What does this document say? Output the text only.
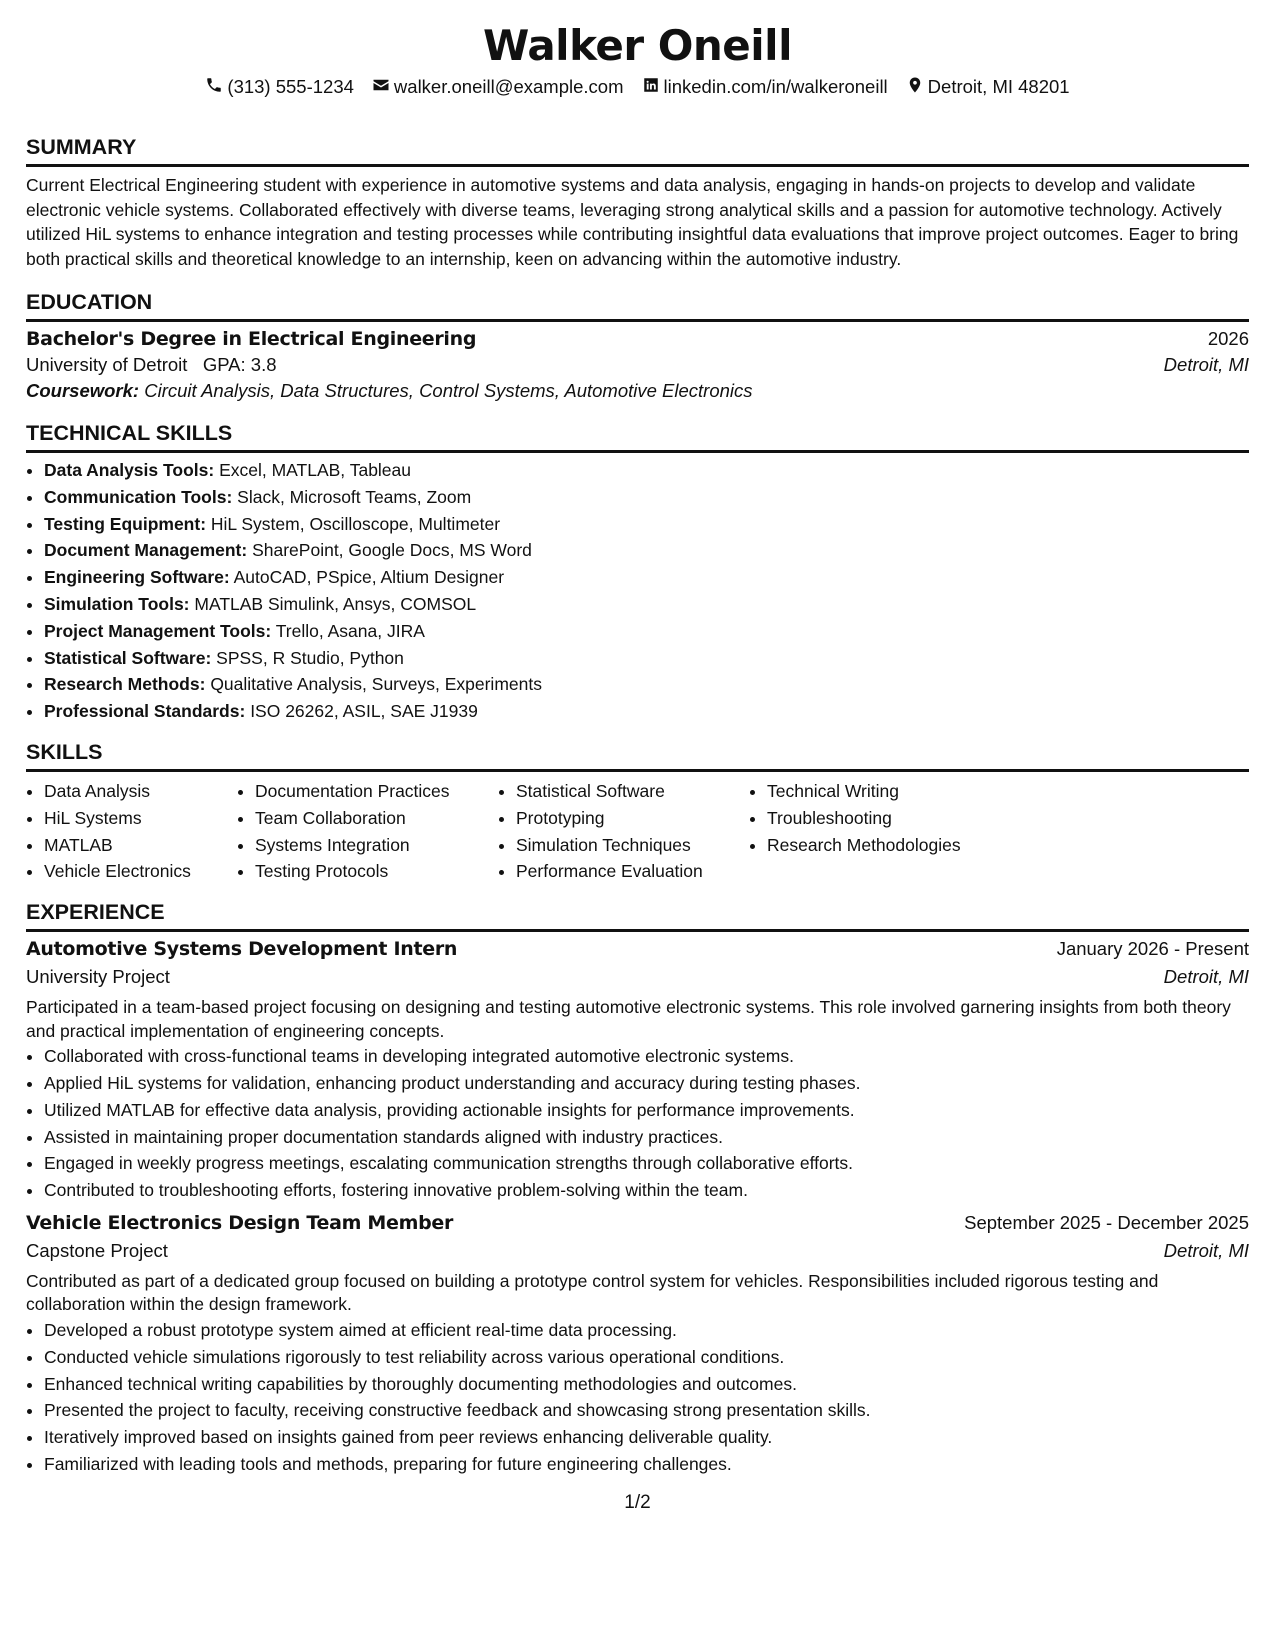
Walker Oneill
(313) 555-1234 walker.oneill@example.com linkedin.com/in/walkeroneill Detroit, MI 48201
SUMMARY
Current Electrical Engineering student with experience in automotive systems and data analysis, engaging in hands-on projects to develop and validate electronic vehicle systems. Collaborated effectively with diverse teams, leveraging strong analytical skills and a passion for automotive technology. Actively utilized HiL systems to enhance integration and testing processes while contributing insightful data evaluations that improve project outcomes. Eager to bring both practical skills and theoretical knowledge to an internship, keen on advancing within the automotive industry.
EDUCATION
Bachelor's Degree in Electrical Engineering	2026
University of Detroit GPA: 3.8	Detroit, MI
Coursework: Circuit Analysis, Data Structures, Control Systems, Automotive Electronics
TECHNICAL SKILLS
• Data Analysis Tools: Excel, MATLAB, Tableau
• Communication Tools: Slack, Microsoft Teams, Zoom
• Testing Equipment: HiL System, Oscilloscope, Multimeter
• Document Management: SharePoint, Google Docs, MS Word
• Engineering Software: AutoCAD, PSpice, Altium Designer
• Simulation Tools: MATLAB Simulink, Ansys, COMSOL
• Project Management Tools: Trello, Asana, JIRA
• Statistical Software: SPSS, R Studio, Python
• Research Methods: Qualitative Analysis, Surveys, Experiments
• Professional Standards: ISO 26262, ASIL, SAE J1939
SKILLS
• Data Analysis
• HiL Systems
• MATLAB
• Vehicle Electronics
• Documentation Practices
• Team Collaboration
• Systems Integration
• Testing Protocols
• Statistical Software
• Prototyping
• Simulation Techniques
• Performance Evaluation
• Technical Writing
• Troubleshooting
• Research Methodologies
EXPERIENCE
Automotive Systems Development Intern	January 2026 - Present
University Project	Detroit, MI
Participated in a team-based project focusing on designing and testing automotive electronic systems. This role involved garnering insights from both theory and practical implementation of engineering concepts.
• Collaborated with cross-functional teams in developing integrated automotive electronic systems.
• Applied HiL systems for validation, enhancing product understanding and accuracy during testing phases.
• Utilized MATLAB for effective data analysis, providing actionable insights for performance improvements.
• Assisted in maintaining proper documentation standards aligned with industry practices.
• Engaged in weekly progress meetings, escalating communication strengths through collaborative efforts.
• Contributed to troubleshooting efforts, fostering innovative problem-solving within the team.
Vehicle Electronics Design Team Member	September 2025 - December 2025
Capstone Project	Detroit, MI
Contributed as part of a dedicated group focused on building a prototype control system for vehicles. Responsibilities included rigorous testing and collaboration within the design framework.
• Developed a robust prototype system aimed at efficient real-time data processing.
• Conducted vehicle simulations rigorously to test reliability across various operational conditions.
• Enhanced technical writing capabilities by thoroughly documenting methodologies and outcomes.
• Presented the project to faculty, receiving constructive feedback and showcasing strong presentation skills.
• Iteratively improved based on insights gained from peer reviews enhancing deliverable quality.
• Familiarized with leading tools and methods, preparing for future engineering challenges.
1/2
